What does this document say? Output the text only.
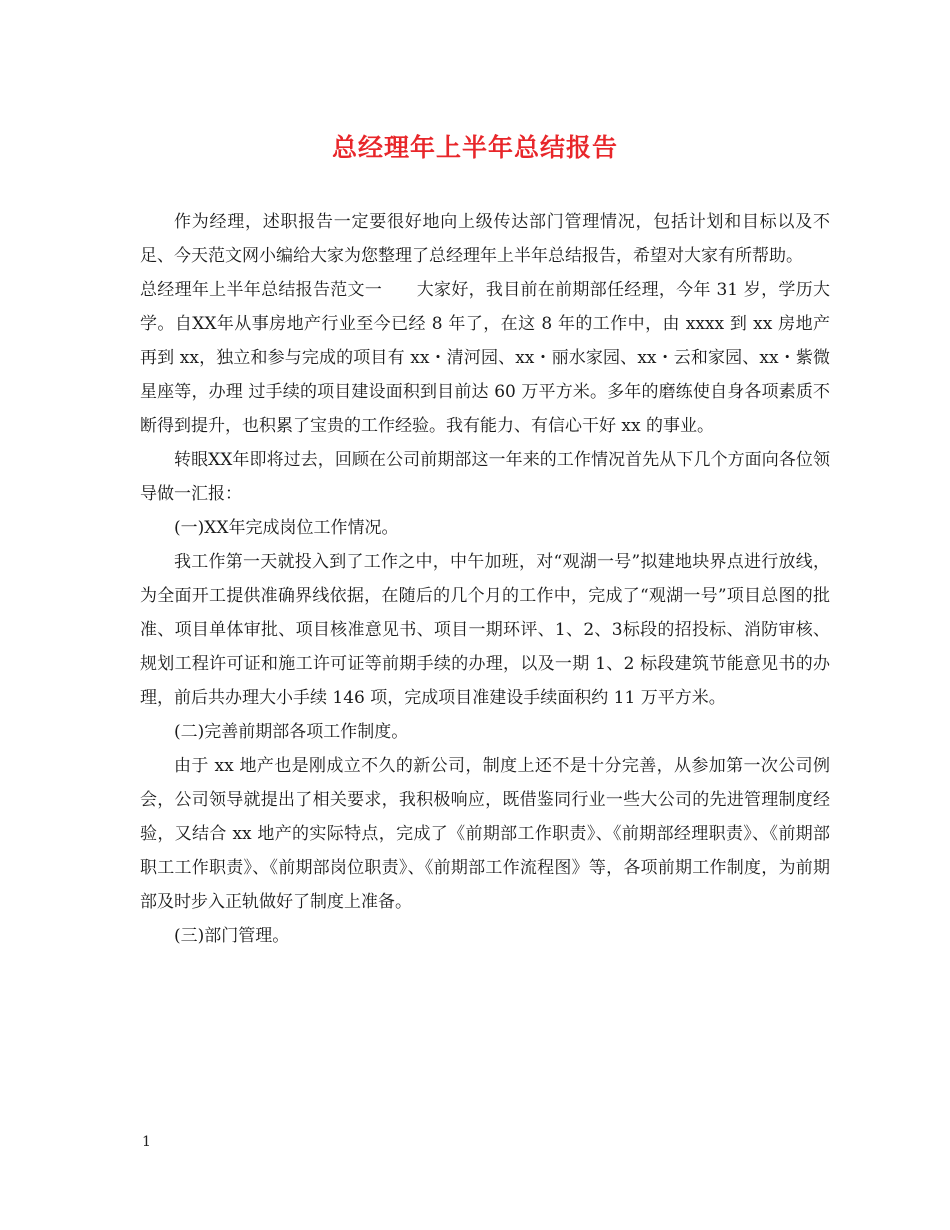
总经理年上半年总结报告

作为经理，述职报告一定要很好地向上级传达部门管理情况，包括计划和目标以及不足、今天范文网小编给大家为您整理了总经理年上半年总结报告，希望对大家有所帮助。

总经理年上半年总结报告范文一　　大家好，我目前在前期部任经理，今年 31 岁，学历大学。自XX年从事房地产行业至今已经 8 年了，在这 8 年的工作中，由 xxxx 到 xx 房地产再到 xx，独立和参与完成的项目有 xx・清河园、xx・丽水家园、xx・云和家园、xx・紫微星座等，办理 过手续的项目建设面积到目前达 60 万平方米。多年的磨练使自身各项素质不断得到提升，也积累了宝贵的工作经验。我有能力、有信心干好 xx 的事业。

转眼XX年即将过去，回顾在公司前期部这一年来的工作情况首先从下几个方面向各位领导做一汇报：

(一)XX年完成岗位工作情况。

我工作第一天就投入到了工作之中，中午加班，对“观湖一号”拟建地块界点进行放线，为全面开工提供准确界线依据，在随后的几个月的工作中，完成了“观湖一号”项目总图的批准、项目单体审批、项目核准意见书、项目一期环评、1、2、3标段的招投标、消防审核、规划工程许可证和施工许可证等前期手续的办理，以及一期 1、2 标段建筑节能意见书的办理，前后共办理大小手续 146 项，完成项目准建设手续面积约 11 万平方米。

(二)完善前期部各项工作制度。

由于 xx 地产也是刚成立不久的新公司，制度上还不是十分完善，从参加第一次公司例会，公司领导就提出了相关要求，我积极响应，既借鉴同行业一些大公司的先进管理制度经验，又结合 xx 地产的实际特点，完成了《前期部工作职责》、《前期部经理职责》、《前期部职工工作职责》、《前期部岗位职责》、《前期部工作流程图》等，各项前期工作制度，为前期部及时步入正轨做好了制度上准备。

(三)部门管理。

1
